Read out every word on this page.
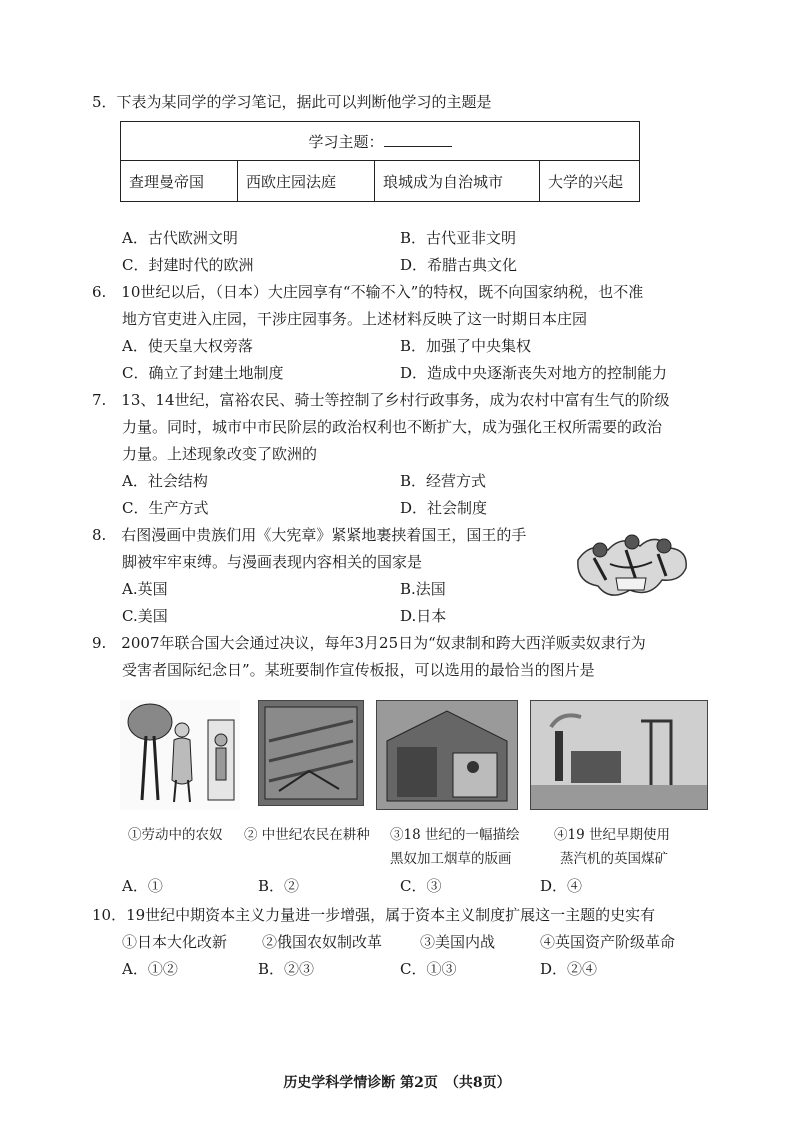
5．下表为某同学的学习笔记，据此可以判断他学习的主题是
学习主题：
查理曼帝国	西欧庄园法庭	琅城成为自治城市	大学的兴起
A．古代欧洲文明	B．古代亚非文明
C．封建时代的欧洲	D．希腊古典文化
6.　10世纪以后，（日本）大庄园享有“不输不入”的特权，既不向国家纳税，也不准
地方官吏进入庄园，干涉庄园事务。上述材料反映了这一时期日本庄园
A．使天皇大权旁落	B．加强了中央集权
C．确立了封建土地制度	D．造成中央逐渐丧失对地方的控制能力
7.　13、14世纪，富裕农民、骑士等控制了乡村行政事务，成为农村中富有生气的阶级
力量。同时，城市中市民阶层的政治权利也不断扩大，成为强化王权所需要的政治
力量。上述现象改变了欧洲的
A．社会结构	B．经营方式
C．生产方式	D．社会制度
8.　右图漫画中贵族们用《大宪章》紧紧地裹挟着国王，国王的手
脚被牢牢束缚。与漫画表现内容相关的国家是
A.英国	B.法国
C.美国	D.日本
9.　2007年联合国大会通过决议，每年3月25日为“奴隶制和跨大西洋贩卖奴隶行为
受害者国际纪念日”。某班要制作宣传板报，可以选用的最恰当的图片是
①劳动中的农奴 ② 中世纪农民在耕种 ③18 世纪的一幅描绘
黑奴加工烟草的版画
④19 世纪早期使用
蒸汽机的英国煤矿
A．①	B．②	C．③	D．④
10．19世纪中期资本主义力量进一步增强，属于资本主义制度扩展这一主题的史实有
①日本大化改新 ②俄国农奴制改革	③美国内战	④英国资产阶级革命
A．①②	B．②③	C．①③	D．②④
历史学科学情诊断 第2页　（共8页）
